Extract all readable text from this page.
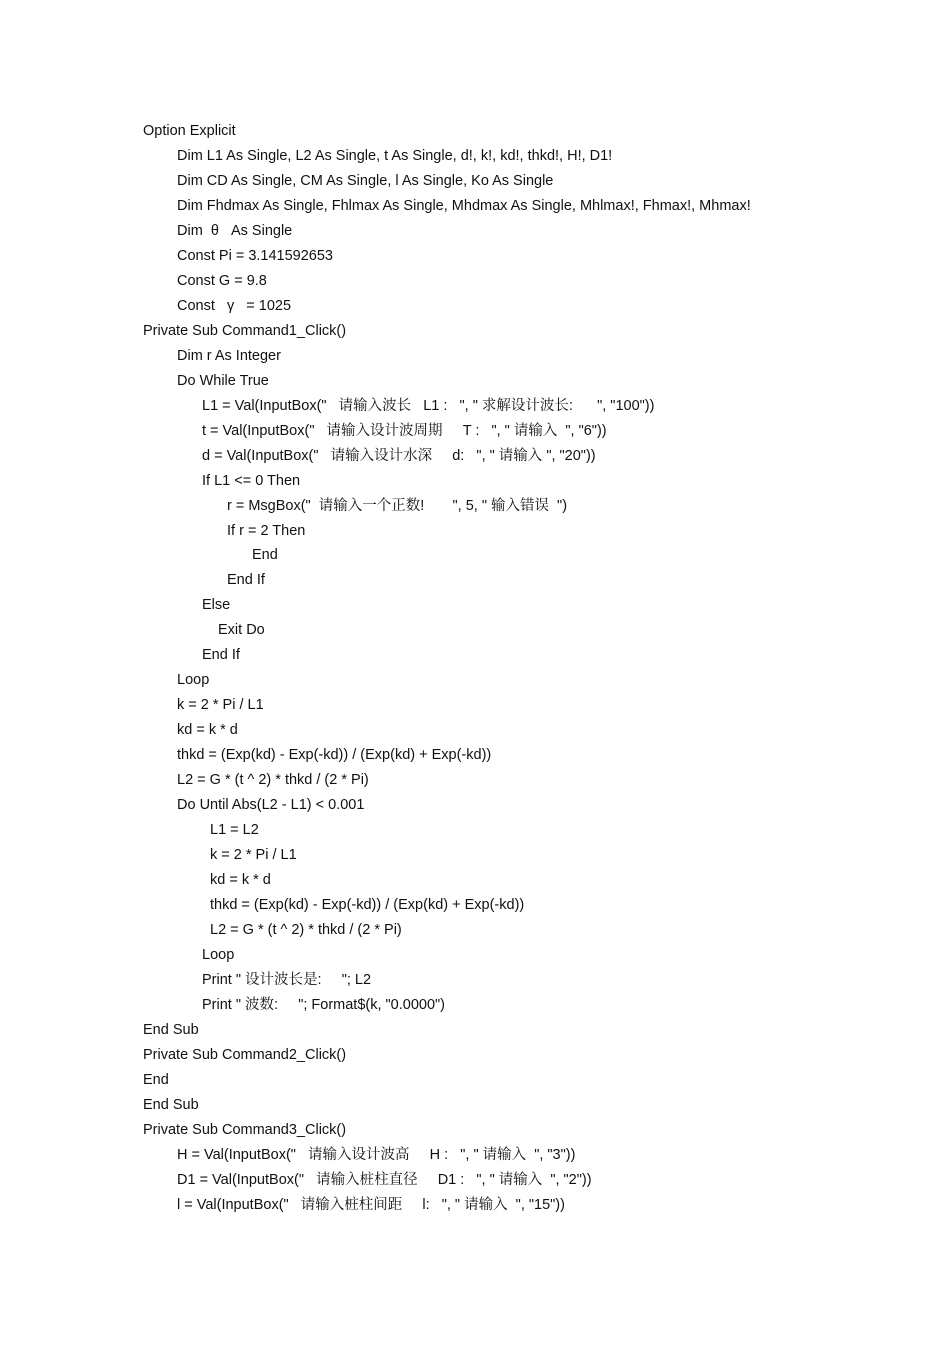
Option Explicit
Dim L1 As Single, L2 As Single, t As Single, d!, k!, kd!, thkd!, H!, D1!
Dim CD As Single, CM As Single, l As Single, Ko As Single
Dim Fhdmax As Single, Fhlmax As Single, Mhdmax As Single, Mhlmax!, Fhmax!, Mhmax!
Dim  θ   As Single
Const Pi = 3.141592653
Const G = 9.8
Const   γ   = 1025
Private Sub Command1_Click()
Dim r As Integer
Do While True
L1 = Val(InputBox("   请输入波长   L1 :   ", " 求解设计波长:      ", "100"))
t = Val(InputBox("   请输入设计波周期     T :   ", " 请输入  ", "6"))
d = Val(InputBox("   请输入设计水深     d:   ", " 请输入 ", "20"))
If L1 <= 0 Then
r = MsgBox("  请输入一个正数!       ", 5, " 输入错误  ")
If r = 2 Then
End
End If
Else
Exit Do
End If
Loop
k = 2 * Pi / L1
kd = k * d
thkd = (Exp(kd) - Exp(-kd)) / (Exp(kd) + Exp(-kd))
L2 = G * (t ^ 2) * thkd / (2 * Pi)
Do Until Abs(L2 - L1) < 0.001
L1 = L2
k = 2 * Pi / L1
kd = k * d
thkd = (Exp(kd) - Exp(-kd)) / (Exp(kd) + Exp(-kd))
L2 = G * (t ^ 2) * thkd / (2 * Pi)
Loop
Print " 设计波长是:     "; L2
Print " 波数:     "; Format$(k, "0.0000")
End Sub
Private Sub Command2_Click()
End
End Sub
Private Sub Command3_Click()
H = Val(InputBox("   请输入设计波高     H :   ", " 请输入  ", "3"))
D1 = Val(InputBox("   请输入桩柱直径     D1 :   ", " 请输入  ", "2"))
l = Val(InputBox("   请输入桩柱间距     l:   ", " 请输入  ", "15"))
